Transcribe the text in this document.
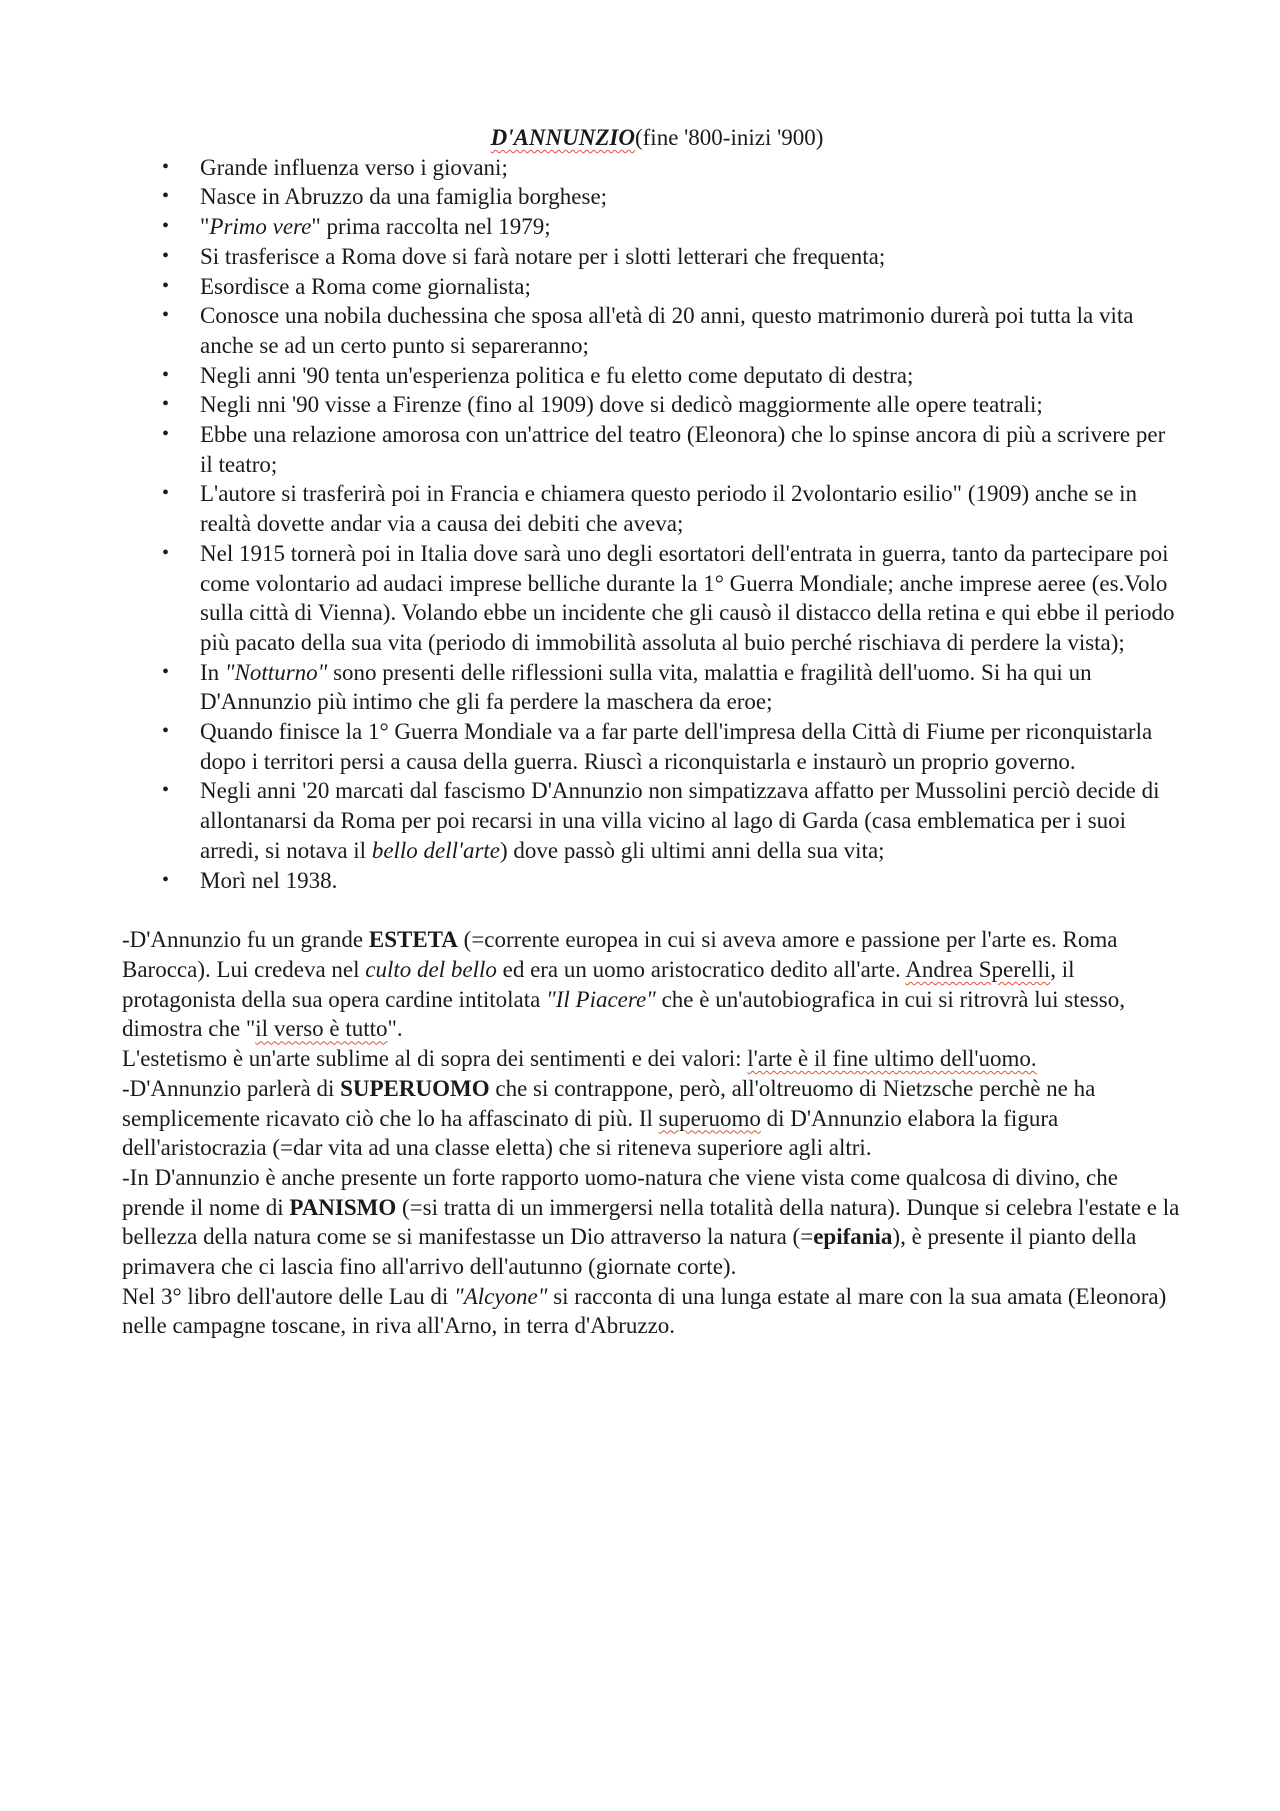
D'ANNUNZIO(fine '800-inizi '900)

• Grande influenza verso i giovani;
• Nasce in Abruzzo da una famiglia borghese;
• "Primo vere" prima raccolta nel 1979;
• Si trasferisce a Roma dove si farà notare per i slotti letterari che frequenta;
• Esordisce a Roma come giornalista;
• Conosce una nobila duchessina che sposa all'età di 20 anni, questo matrimonio durerà poi tutta la vita anche se ad un certo punto si separeranno;
• Negli anni '90 tenta un'esperienza politica e fu eletto come deputato di destra;
• Negli nni '90 visse a Firenze (fino al 1909) dove si dedicò maggiormente alle opere teatrali;
• Ebbe una relazione amorosa con un'attrice del teatro (Eleonora) che lo spinse ancora di più a scrivere per il teatro;
• L'autore si trasferirà poi in Francia e chiamera questo periodo il 2volontario esilio" (1909) anche se in realtà dovette andar via a causa dei debiti che aveva;
• Nel 1915 tornerà poi in Italia dove sarà uno degli esortatori dell'entrata in guerra, tanto da partecipare poi come volontario ad audaci imprese belliche durante la 1° Guerra Mondiale; anche imprese aeree (es.Volo sulla città di Vienna). Volando ebbe un incidente che gli causò il distacco della retina e qui ebbe il periodo più pacato della sua vita (periodo di immobilità assoluta al buio perché rischiava di perdere la vista);
• In "Notturno" sono presenti delle riflessioni sulla vita, malattia e fragilità dell'uomo. Si ha qui un D'Annunzio più intimo che gli fa perdere la maschera da eroe;
• Quando finisce la 1° Guerra Mondiale va a far parte dell'impresa della Città di Fiume per riconquistarla dopo i territori persi a causa della guerra. Riuscì a riconquistarla e instaurò un proprio governo.
• Negli anni '20 marcati dal fascismo D'Annunzio non simpatizzava affatto per Mussolini perciò decide di allontanarsi da Roma per poi recarsi in una villa vicino al lago di Garda (casa emblematica per i suoi arredi, si notava il bello dell'arte) dove passò gli ultimi anni della sua vita;
• Morì nel 1938.

-D'Annunzio fu un grande ESTETA (=corrente europea in cui si aveva amore e passione per l'arte es. Roma Barocca). Lui credeva nel culto del bello ed era un uomo aristocratico dedito all'arte. Andrea Sperelli, il protagonista della sua opera cardine intitolata "Il Piacere" che è un'autobiografica in cui si ritrovrà lui stesso, dimostra che "il verso è tutto".

L'estetismo è un'arte sublime al di sopra dei sentimenti e dei valori: l'arte è il fine ultimo dell'uomo.

-D'Annunzio parlerà di SUPERUOMO che si contrappone, però, all'oltreuomo di Nietzsche perchè ne ha semplicemente ricavato ciò che lo ha affascinato di più. Il superuomo di D'Annunzio elabora la figura dell'aristocrazia (=dar vita ad una classe eletta) che si riteneva superiore agli altri.

-In D'annunzio è anche presente un forte rapporto uomo-natura che viene vista come qualcosa di divino, che prende il nome di PANISMO (=si tratta di un immergersi nella totalità della natura). Dunque si celebra l'estate e la bellezza della natura come se si manifestasse un Dio attraverso la natura (=epifania), è presente il pianto della primavera che ci lascia fino all'arrivo dell'autunno (giornate corte).

Nel 3° libro dell'autore delle Lau di "Alcyone" si racconta di una lunga estate al mare con la sua amata (Eleonora) nelle campagne toscane, in riva all'Arno, in terra d'Abruzzo.
